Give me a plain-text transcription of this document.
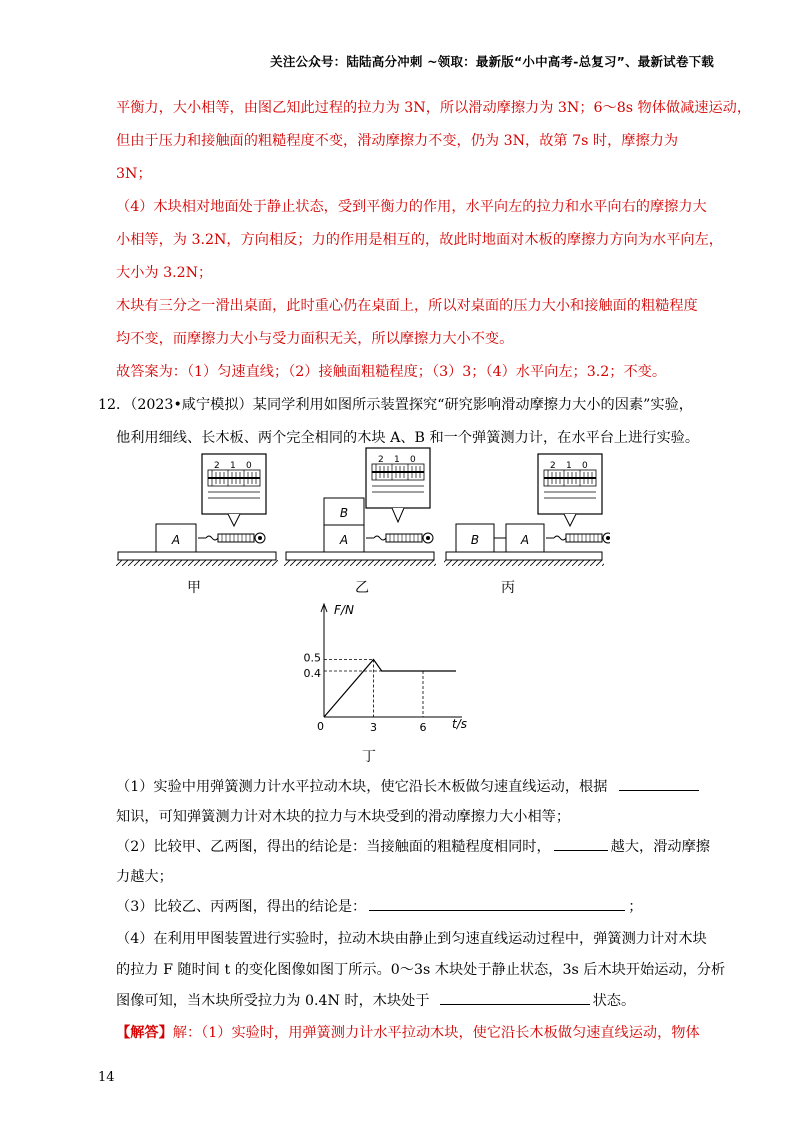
关注公众号：陆陆高分冲刺 ~领取：最新版“小中高考-总复习”、最新试卷下载
平衡力，大小相等，由图乙知此过程的拉力为 3N，所以滑动摩擦力为 3N；6～8s 物体做减速运动，
但由于压力和接触面的粗糙程度不变，滑动摩擦力不变，仍为 3N，故第 7s 时，摩擦力为
3N；
（4）木块相对地面处于静止状态，受到平衡力的作用，水平向左的拉力和水平向右的摩擦力大
小相等，为 3.2N，方向相反；力的作用是相互的，故此时地面对木板的摩擦力方向为水平向左，
大小为 3.2N；
木块有三分之一滑出桌面，此时重心仍在桌面上，所以对桌面的压力大小和接触面的粗糙程度
均不变，而摩擦力大小与受力面积无关，所以摩擦力大小不变。
故答案为：（1）匀速直线；（2）接触面粗糙程度；（3）3；（4）水平向左；3.2；不变。
12．（2023•咸宁模拟）某同学利用如图所示装置探究“研究影响滑动摩擦力大小的因素”实验，
他利用细线、长木板、两个完全相同的木块 A、B 和一个弹簧测力计，在水平台上进行实验。
A
2 1 0
B
A
2 1 0
B	A
2 1 0
甲	乙	丙
F/N
t/s
0
0.5
0.4
3	6
丁
（1）实验中用弹簧测力计水平拉动木块，使它沿长木板做匀速直线运动，根据
知识，可知弹簧测力计对木块的拉力与木块受到的滑动摩擦力大小相等；
（2）比较甲、乙两图，得出的结论是：当接触面的粗糙程度相同时，	越大，滑动摩擦
力越大；
（3）比较乙、丙两图，得出的结论是：	；
（4）在利用甲图装置进行实验时，拉动木块由静止到匀速直线运动过程中，弹簧测力计对木块
的拉力 F 随时间 t 的变化图像如图丁所示。0～3s 木块处于静止状态，3s 后木块开始运动，分析
图像可知，当木块所受拉力为 0.4N 时，木块处于	状态。
【解答】解：（1）实验时，用弹簧测力计水平拉动木块，使它沿长木板做匀速直线运动，物体
14
